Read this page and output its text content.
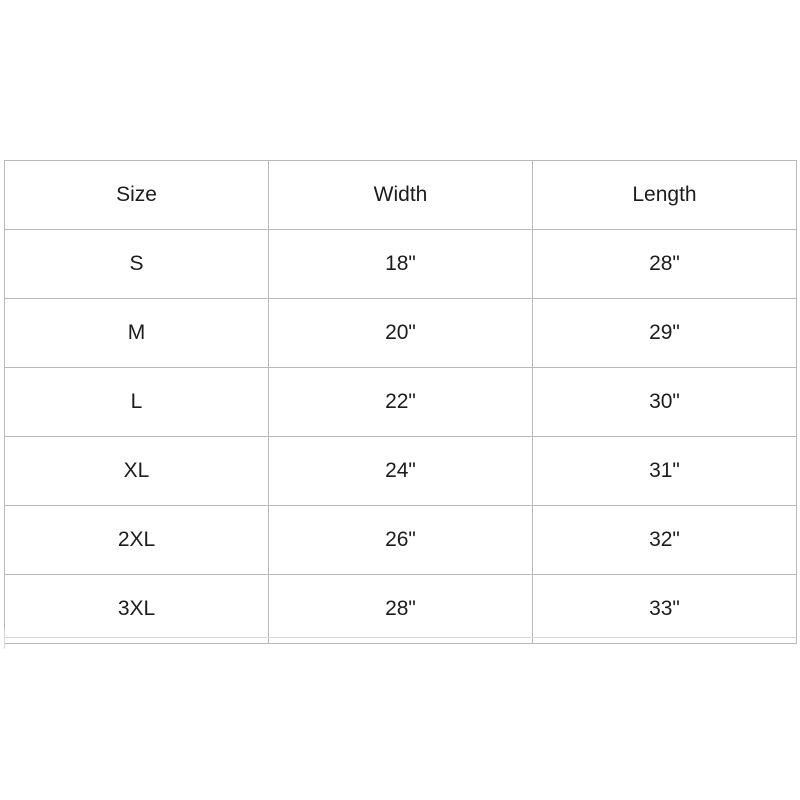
Size	Width	Length
S	18"	28"
M	20"	29"
L	22"	30"
XL	24"	31"
2XL	26"	32"
3XL	28"	33"
